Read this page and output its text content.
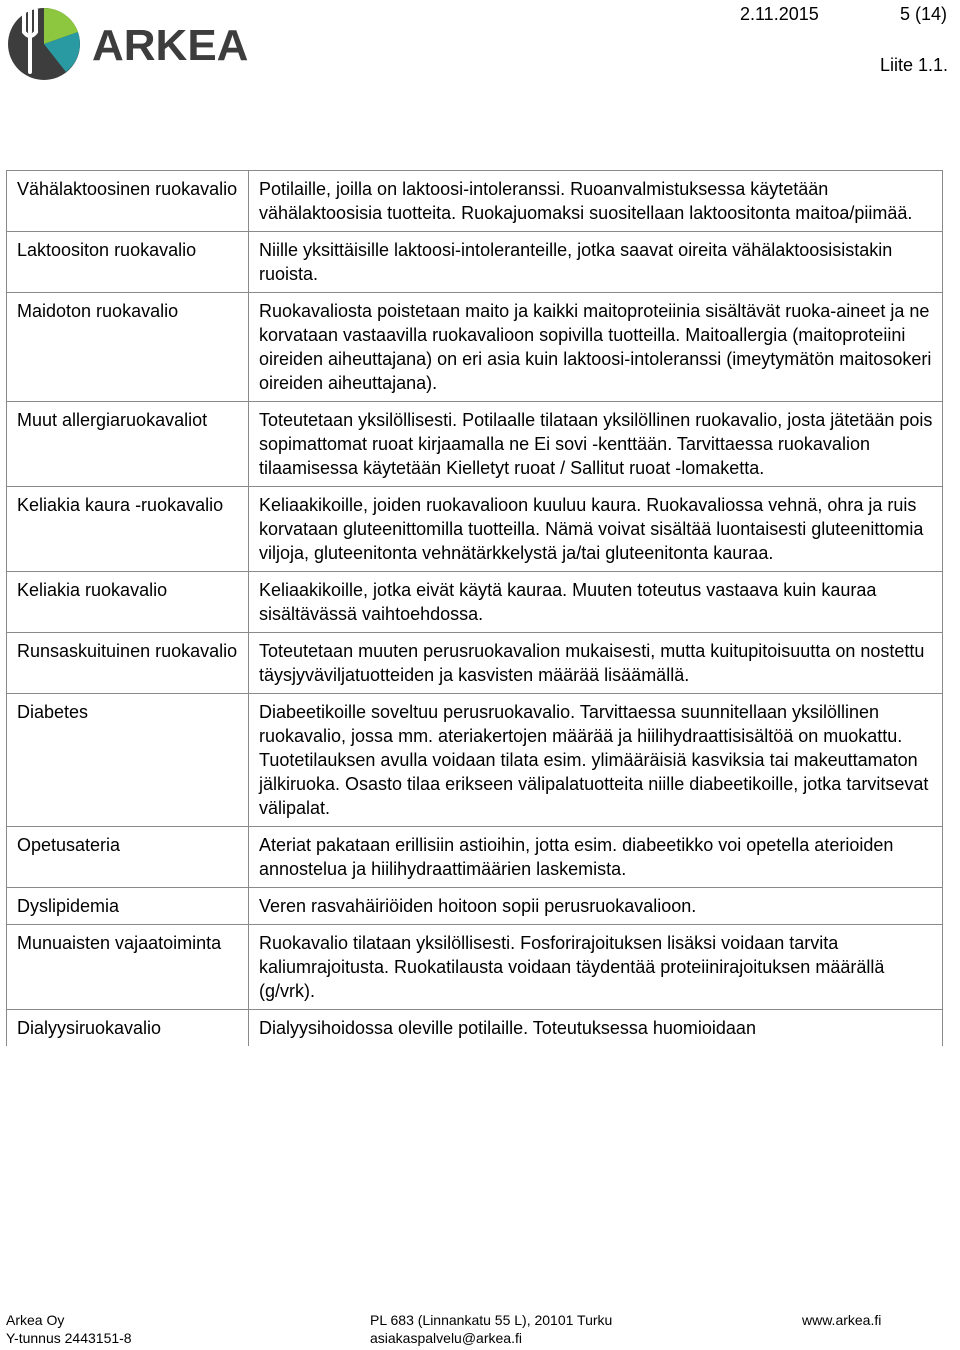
ARKEA
2.11.2015	5 (14)
Liite 1.1.
Vähälaktoosinen ruokavalio	Potilaille, joilla on laktoosi-intoleranssi. Ruoanvalmistuksessa käytetään vähälaktoosisia tuotteita. Ruokajuomaksi suositellaan laktoositonta maitoa/piimää.

Laktoositon ruokavalio	Niille yksittäisille laktoosi-intoleranteille, jotka saavat oireita vähälaktoosisistakin ruoista.

Maidoton ruokavalio	Ruokavaliosta poistetaan maito ja kaikki maitoproteiinia sisältävät ruoka-aineet ja ne korvataan vastaavilla ruokavalioon sopivilla tuotteilla. Maitoallergia (maitoproteiini oireiden aiheuttajana) on eri asia kuin laktoosi-intoleranssi (imeytymätön maitosokeri oireiden aiheuttajana).

Muut allergiaruokavaliot	Toteutetaan yksilöllisesti. Potilaalle tilataan yksilöllinen ruokavalio, josta jätetään pois sopimattomat ruoat kirjaamalla ne Ei sovi -kenttään. Tarvittaessa ruokavalion tilaamisessa käytetään Kielletyt ruoat / Sallitut ruoat -lomaketta.

Keliakia kaura -ruokavalio	Keliaakikoille, joiden ruokavalioon kuuluu kaura. Ruokavaliossa vehnä, ohra ja ruis korvataan gluteenittomilla tuotteilla. Nämä voivat sisältää luontaisesti gluteenittomia viljoja, gluteenitonta vehnätärkkelystä ja/tai gluteenitonta kauraa.

Keliakia ruokavalio	Keliaakikoille, jotka eivät käytä kauraa. Muuten toteutus vastaava kuin kauraa sisältävässä vaihtoehdossa.

Runsaskuituinen ruokavalio	Toteutetaan muuten perusruokavalion mukaisesti, mutta kuitupitoisuutta on nostettu täysjyväviljatuotteiden ja kasvisten määrää lisäämällä.

Diabetes	Diabeetikoille soveltuu perusruokavalio. Tarvittaessa suunnitellaan yksilöllinen ruokavalio, jossa mm. ateriakertojen määrää ja hiilihydraattisisältöä on muokattu. Tuotetilauksen avulla voidaan tilata esim. ylimääräisiä kasviksia tai makeuttamaton jälkiruoka. Osasto tilaa erikseen välipalatuotteita niille diabeetikoille, jotka tarvitsevat välipalat.

Opetusateria	Ateriat pakataan erillisiin astioihin, jotta esim. diabeetikko voi opetella aterioiden annostelua ja hiilihydraattimäärien laskemista.

Dyslipidemia	Veren rasvahäiriöiden hoitoon sopii perusruokavalioon.

Munuaisten vajaatoiminta	Ruokavalio tilataan yksilöllisesti. Fosforirajoituksen lisäksi voidaan tarvita kaliumrajoitusta. Ruokatilausta voidaan täydentää proteiinirajoituksen määrällä (g/vrk).

Dialyysiruokavalio	Dialyysihoidossa oleville potilaille. Toteutuksessa huomioidaan

Arkea Oy
Y-tunnus 2443151-8
PL 683 (Linnankatu 55 L), 20101 Turku
asiakaspalvelu@arkea.fi
www.arkea.fi
